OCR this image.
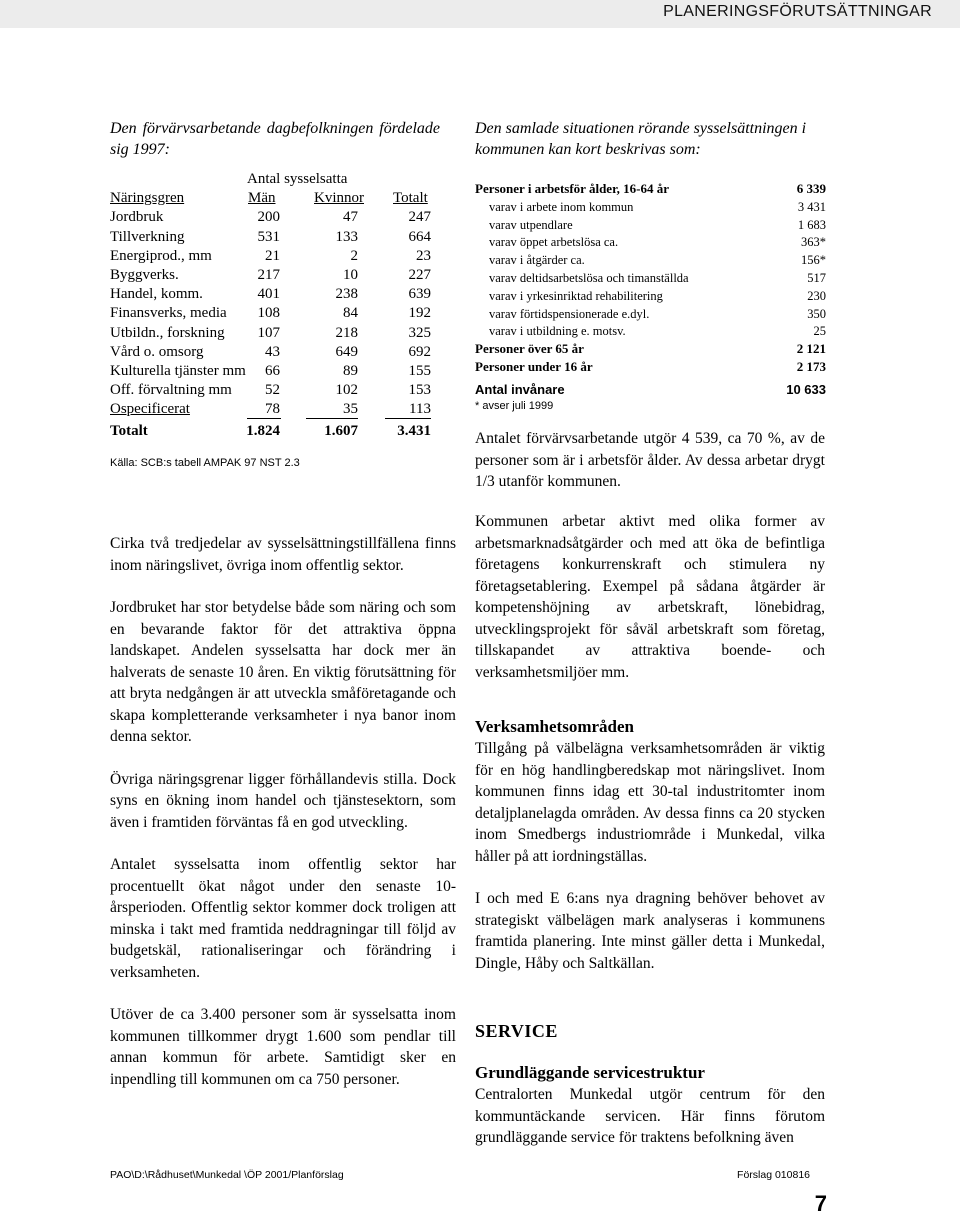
PLANERINGSFÖRUTSÄTTNINGAR
Den förvärvsarbetande dagbefolkningen fördelade sig 1997:
Den samlade situationen rörande sysselsättningen i kommunen kan kort beskrivas som:
Antal sysselsatta
Näringsgren	Män	Kvinnor Totalt
Jordbruk	200	47	247
Tillverkning	531	133	664
Energiprod., mm	21	2	23
Byggverks.	217	10	227
Handel, komm.	401	238	639
Finansverks, media 108	84	192
Utbildn., forskning 107	218	325
Vård o. omsorg	43	649	692
Kulturella tjänster mm 66	89	155
Off. förvaltning mm 52	102	153
Ospecificerat	78	35	113
Totalt	1.824	1.607	3.431
Källa: SCB:s tabell AMPAK 97 NST 2.3
Personer i arbetsför ålder, 16-64 år	6 339
varav i arbete inom kommun	3 431
varav utpendlare	1 683
varav öppet arbetslösa ca.	363*
varav i åtgärder ca.	156*
varav deltidsarbetslösa och timanställda	517
varav i yrkesinriktad rehabilitering	230
varav förtidspensionerade e.dyl.	350
varav i utbildning e. motsv.	25
Personer över 65 år	2 121
Personer under 16 år	2 173
Antal invånare	10 633
* avser juli 1999
Antalet förvärvsarbetande utgör 4 539, ca 70 %, av de personer som är i arbetsför ålder. Av dessa arbetar drygt 1/3 utanför kommunen.

Cirka två tredjedelar av sysselsättningstillfällena finns inom näringslivet, övriga inom offentlig sektor.

Jordbruket har stor betydelse både som näring och som en bevarande faktor för det attraktiva öppna landskapet. Andelen sysselsatta har dock mer än halverats de senaste 10 åren. En viktig förutsättning för att bryta nedgången är att utveckla småföretagande och skapa kompletterande verksamheter i nya banor inom denna sektor.

Övriga näringsgrenar ligger förhållandevis stilla. Dock syns en ökning inom handel och tjänstesektorn, som även i framtiden förväntas få en god utveckling.

Antalet sysselsatta inom offentlig sektor har procentuellt ökat något under den senaste 10-årsperioden. Offentlig sektor kommer dock troligen att minska i takt med framtida neddragningar till följd av budgetskäl, rationaliseringar och förändring i verksamheten.

Utöver de ca 3.400 personer som är sysselsatta inom kommunen tillkommer drygt 1.600 som pendlar till annan kommun för arbete. Samtidigt sker en inpendling till kommunen om ca 750 personer.

Kommunen arbetar aktivt med olika former av arbetsmarknadsåtgärder och med att öka de befintliga företagens konkurrenskraft och stimulera ny företagsetablering. Exempel på sådana åtgärder är kompetenshöjning av arbetskraft, lönebidrag, utvecklingsprojekt för såväl arbetskraft som företag, tillskapandet av attraktiva boende- och verksamhetsmiljöer mm.

Verksamhetsområden

Tillgång på välbelägna verksamhetsområden är viktig för en hög handlingberedskap mot näringslivet. Inom kommunen finns idag ett 30-tal industritomter inom detaljplanelagda områden. Av dessa finns ca 20 stycken inom Smedbergs industriområde i Munkedal, vilka håller på att iordningställas.

I och med E 6:ans nya dragning behöver behovet av strategiskt välbelägen mark analyseras i kommunens framtida planering. Inte minst gäller detta i Munkedal, Dingle, Håby och Saltkällan.

SERVICE
Grundläggande servicestruktur

Centralorten Munkedal utgör centrum för den kommuntäckande servicen. Här finns förutom grundläggande service för traktens befolkning även

PAO\D:\Rådhuset\Munkedal \ÖP 2001/Planförslag	Förslag 010816
7
